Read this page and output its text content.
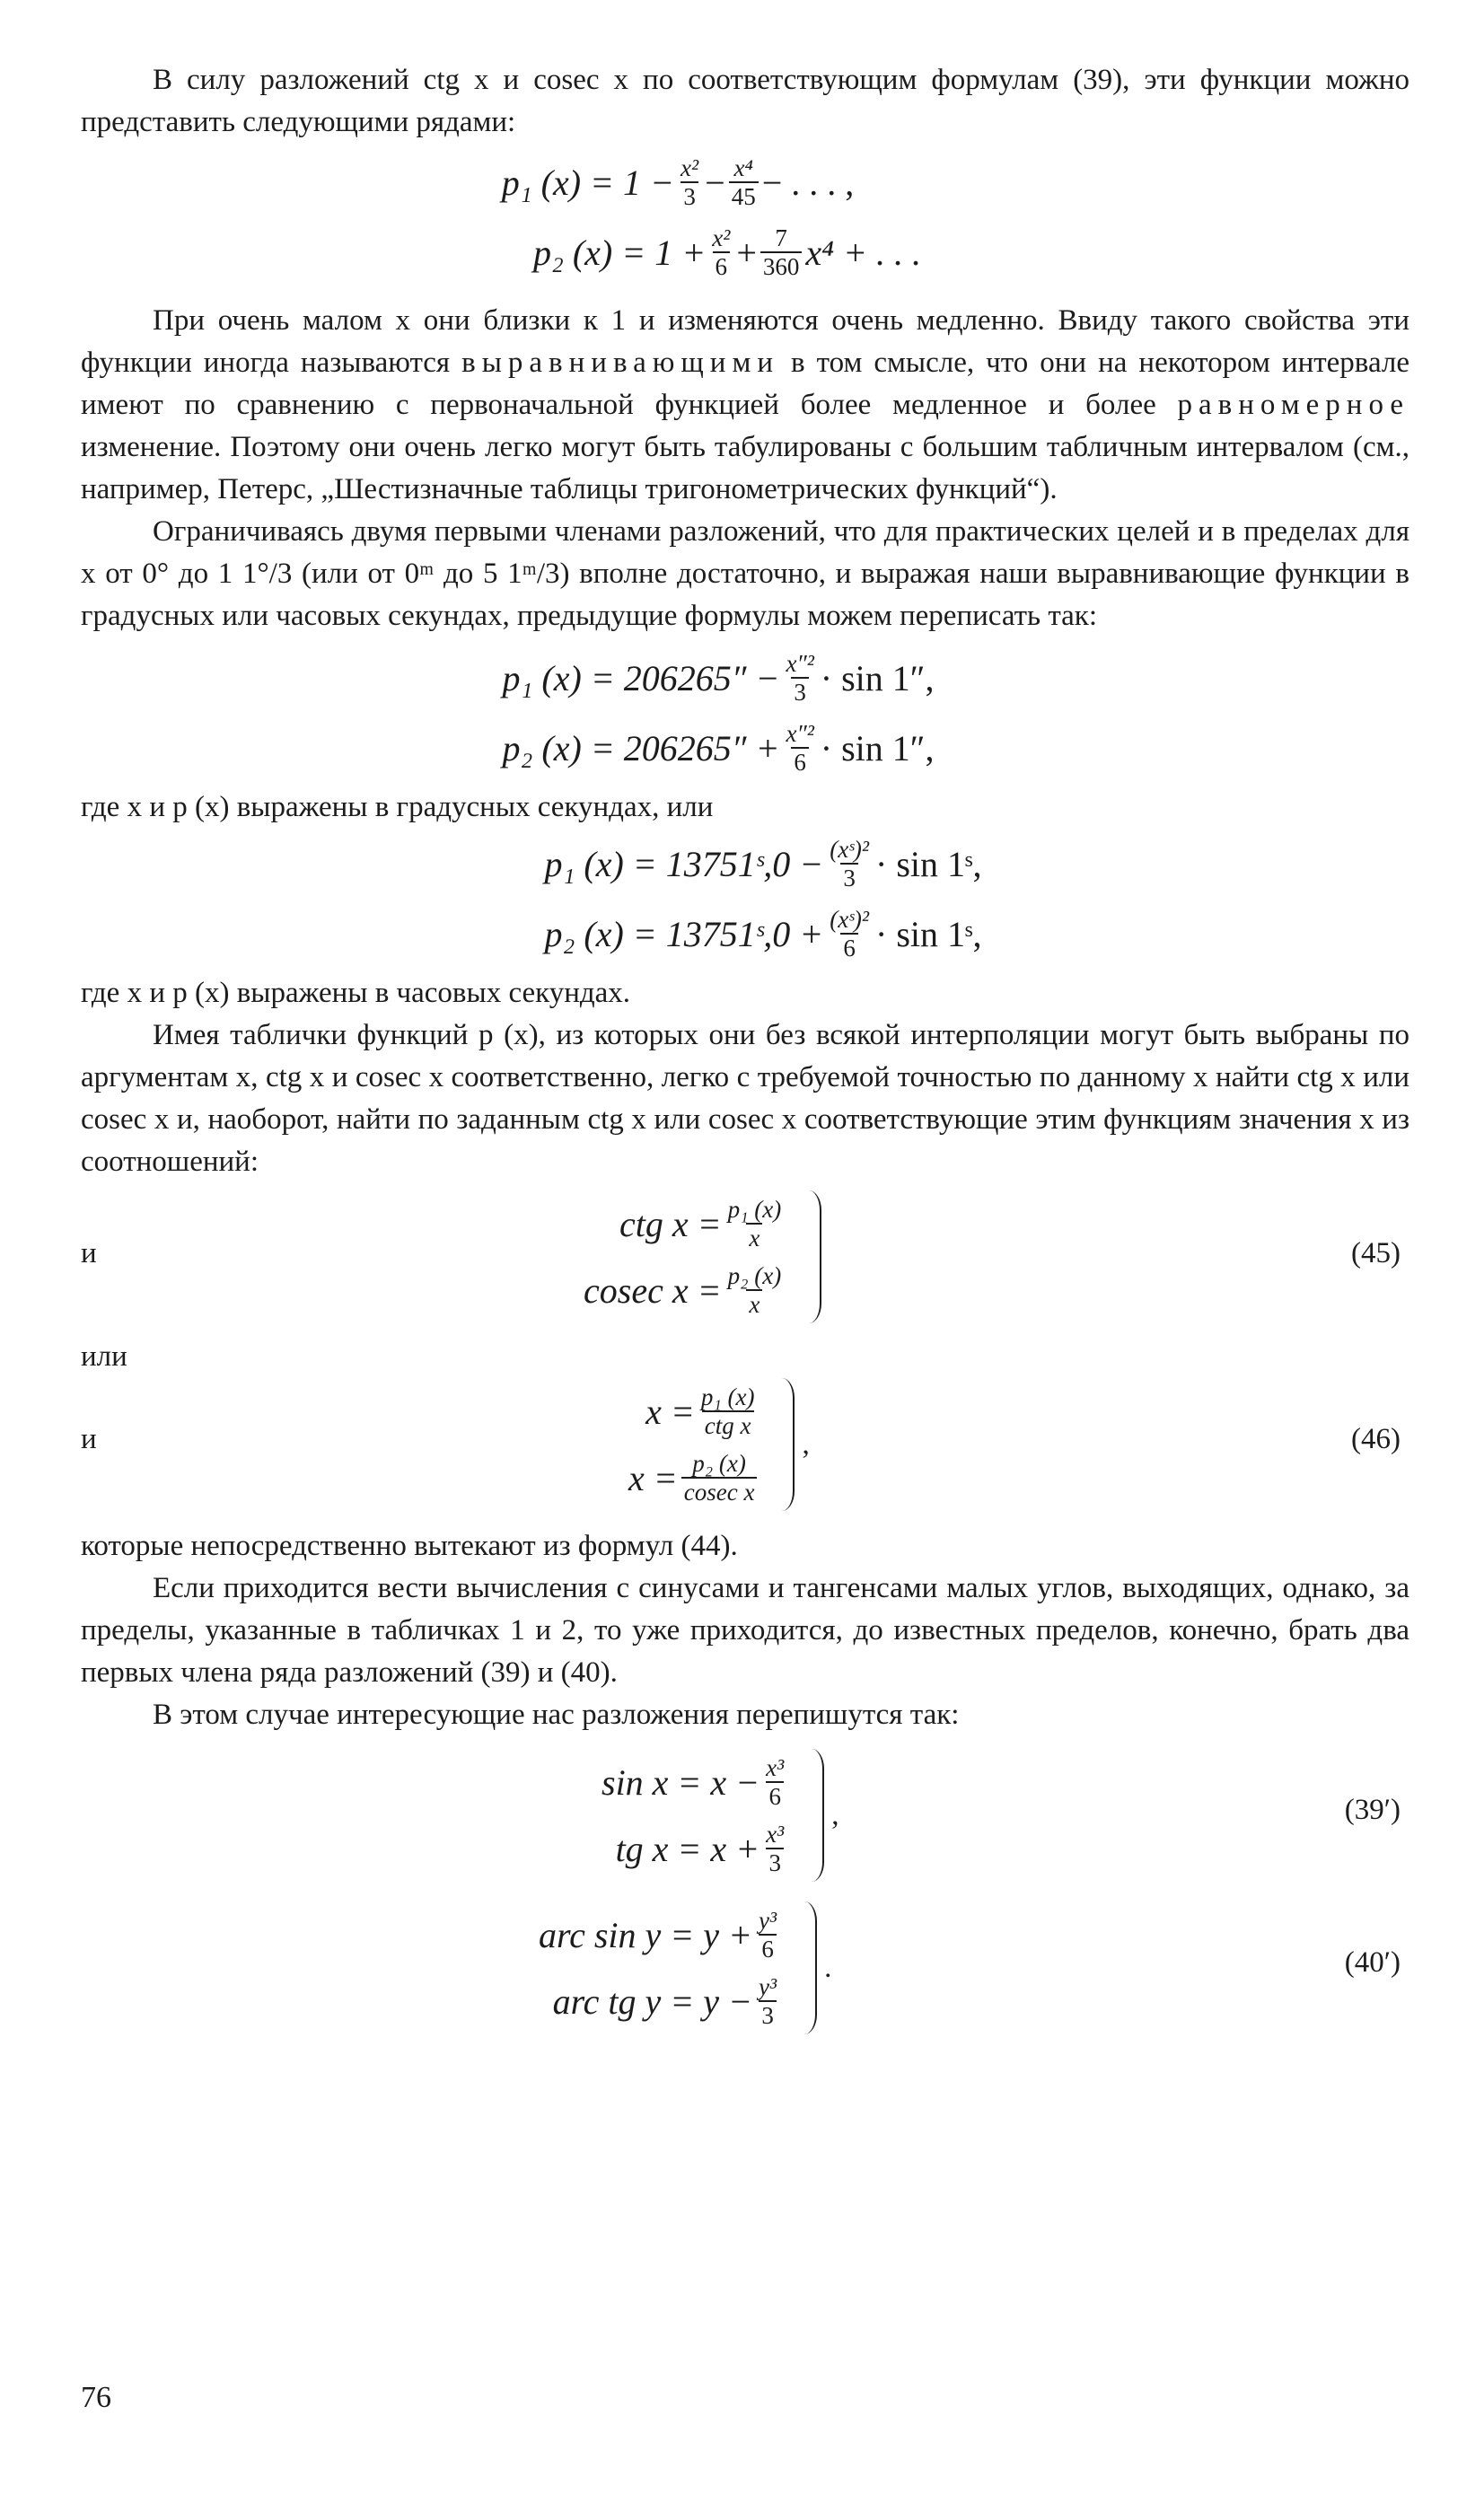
В силу разложений ctg x и cosec x по соответствующим формулам (39), эти функции можно представить следующими рядами:

p₁ $(x) = 1 - \frac{\text{x²}}{3} - \frac{\text{x⁴}}{45}$ − . . . ,
p₂ $(x) = 1 + \frac{\text{x²}}{6} + \frac{7}{360} x^4$ + . . .

При очень малом x они близки к 1 и изменяются очень медленно. Ввиду такого свойства эти функции иногда называются выравнивающими в том смысле, что они на некотором интервале имеют по сравнению с первоначальной функцией более медленное и более равномерное изменение. Поэтому они очень легко могут быть табулированы с большим табличным интервалом (см., например, Петерс, „Шестизначные таблицы тригонометрических функций“).

Ограничиваясь двумя первыми членами разложений, что для практических целей и в пределах для x от 0° до 1 1°/3 (или от 0ᵐ до 5 1ᵐ/3) вполне достаточно, и выражая наши выравнивающие функции в градусных или часовых секундах, предыдущие формулы можем переписать так:

p₁ $(x) = 206265'' - \frac{\text{x″²}}{3} \cdot \sin 1''$,
p₂ $(x) = 206265'' + \frac{\text{x″²}}{6} \cdot \sin 1''$,

где x и p (x) выражены в градусных секундах, или

p₁ (x) = 13751ˢ,0 − $\frac{\text{(xˢ)²}}{3} \cdot \sin$ 1ˢ,
p₂ (x) = 13751ˢ,0 + $\frac{\text{(xˢ)²}}{6} \cdot \sin$ 1ˢ,

где x и p (x) выражены в часовых секундах.

Имея таблички функций p (x), из которых они без всякой интерполяции могут быть выбраны по аргументам x, ctg x и cosec x соответственно, легко с требуемой точностью по данному x найти ctg x или cosec x и, наоборот, найти по заданным ctg x или cosec x соответствующие этим функциям значения x из соотношений:

и
ctg $x = \frac{\text{p₁ (x)}}{x}$
cosec $x = \frac{\text{p₂ (x)}}{x}$
(45)

или

и
$x = \frac{\text{p₁ (x)}}{\text{ctg x}}$
$x = \frac{\text{p₂ (x)}}{\text{cosec x}}$
,	(46)

которые непосредственно вытекают из формул (44).

Если приходится вести вычисления с синусами и тангенсами малых углов, выходящих, однако, за пределы, указанные в табличках 1 и 2, то уже приходится, до известных пределов, конечно, брать два первых члена ряда разложений (39) и (40).

В этом случае интересующие нас разложения перепишутся так:

$\sin x = x - \frac{\text{x³}}{6}$
tg $x = x + \frac{\text{x³}}{3}$
,	(39′)
arc $\sin y = y + \frac{\text{y³}}{6}$
arc tg $y = y - \frac{\text{y³}}{3}$
.	(40′)
76
